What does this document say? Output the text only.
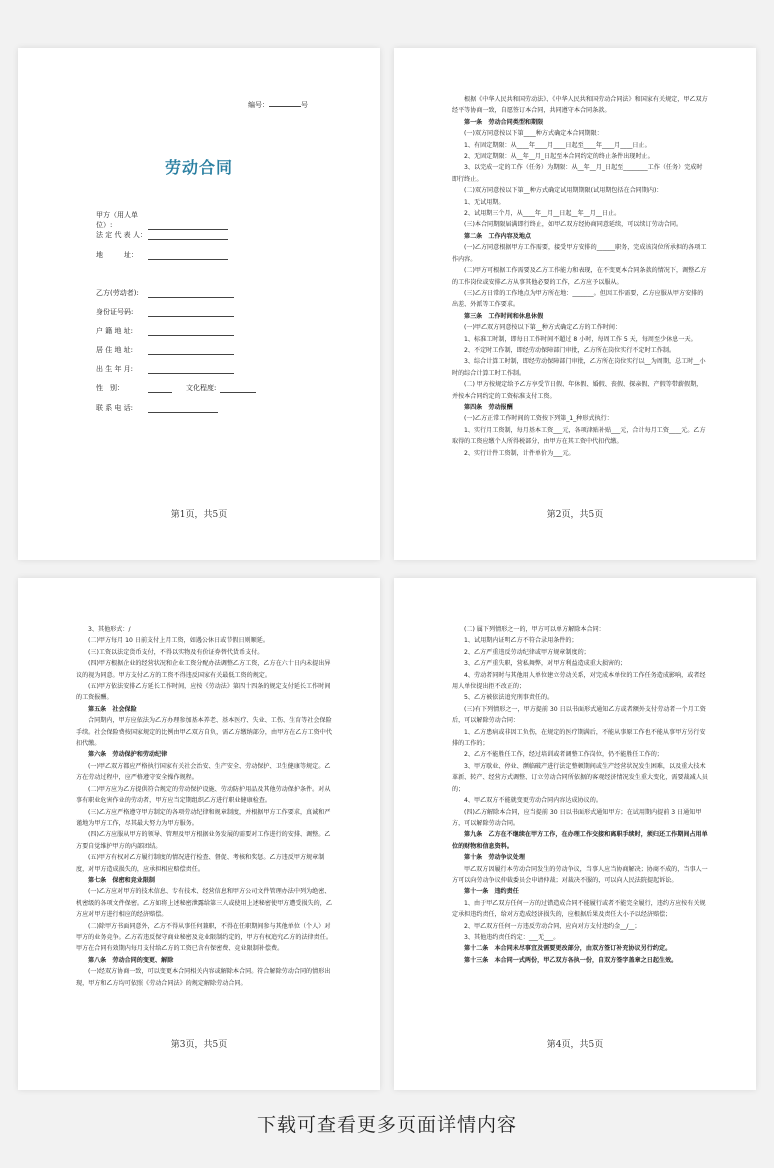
编号：	号
劳动合同
甲方（用人单位）:
法 定 代 表 人：
地　　　址：
乙方(劳动者):
身份证号码:
户 籍 地 址:
居 住 地 址:
出 生 年 月:
性　别：	文化程度:
联 系 电 话:
第1页，共5页

根据《中华人民共和国劳动法》、《中华人民共和国劳动合同法》和国家有关规定，甲乙双方经平等协商一致，自愿签订本合同，共同遵守本合同条款。

第一条　劳动合同类型和期限

(一)双方同意按以下第____种方式确定本合同期限：

1、有固定期限：从____年____月____日起至____年____月____日止。

2、无固定期限：从__年__月_日起至本合同约定的终止条件出现时止。

3、以完成一定的工作（任务）为期限：从__年__月_日起至________工作（任务）完成时即行终止。

(二)双方同意按以下第__种方式确定试用期期限(试用期包括在合同期内)：

1、无试用期。

2、试用期三个月，从____年__月__日起__年__月__日止。

(三)本合同期限届满即行终止，如甲乙双方经协商同意延续，可以续订劳动合同。

第二条　工作内容及地点

(一)乙方同意根据甲方工作需要，接受甲方安排的______职务，完成该岗位所承担的各项工作内容。

(二)甲方可根据工作需要及乙方工作能力和表现，在不变更本合同条款的情况下，调整乙方的工作岗位或安排乙方从事其他必要的工作，乙方应予以服从。

(三)乙方日常的工作地点为甲方所在地：_______。但因工作需要，乙方应服从甲方安排的出差、外派等工作要求。

第三条　工作时间和休息休假

(一)甲乙双方同意按以下第__种方式确定乙方的工作时间：

1、标准工时制，即每日工作时间不超过 8 小时，每周工作 5 天，每周至少休息一天。

2、不定时工作制，即经劳动保障部门审批，乙方所在岗位实行不定时工作制。

3、综合计算工时制，即经劳动保障部门审批，乙方所在岗位实行以__为周期，总工时__小时的综合计算工时工作制。

(二) 甲方按规定给予乙方享受节日假、年休假、婚假、丧假、探亲假、产假等带薪假期，并按本合同约定的工资标准支付工资。

第四条　劳动报酬

(一)乙方正常工作时间的工资按下列第_1_种形式执行：

1、实行月工资制，每月基本工资___元，各项津贴补贴___元，合计每月工资____元。乙方取得的工资应缴个人所得税部分，由甲方在其工资中代扣代缴。

2、实行计件工资制，计件单价为___元。

第2页，共5页

3、其他形式：/

(二)甲方每月 10 日前支付上月工资，如遇公休日或节假日则顺延。

(三)工资以法定货币支付，不得以实物及有价证券替代货币支付。

(四)甲方根据企业的经营状况和企业工资分配办法调整乙方工资，乙方在六十日内未提出异议的视为同意。甲方支付乙方的工资不得违反国家有关最低工资的规定。

(五)甲方依法安排乙方延长工作时间，应按《劳动法》第四十四条的规定支付延长工作时间的工资报酬。

第五条　社会保险

合同期内，甲方应依法为乙方办理参加基本养老、基本医疗、失业、工伤、生育等社会保险手续。社会保险费按国家规定的比例由甲乙双方自负，需乙方缴纳部分，由甲方在乙方工资中代扣代缴。

第六条　劳动保护和劳动纪律

(一)甲乙双方都应严格执行国家有关社会治安、生产安全、劳动保护、卫生健康等规定。乙方在劳动过程中，应严格遵守安全操作规程。

(二)甲方应为乙方提供符合规定的劳动保护设施、劳动防护用品及其他劳动保护条件。对从事有职业危害作业的劳动者，甲方应当定期组织乙方进行职业健康检查。

(三)乙方应严格遵守甲方制定的各项劳动纪律和规章制度，并根据甲方工作要求，真诚和严谨地为甲方工作，尽其最大努力为甲方服务。

(四)乙方应服从甲方的领导、管理及甲方根据业务发展的需要对工作进行的安排、调整。乙方要自觉维护甲方的内部团结。

(五)甲方有权对乙方履行制度的情况进行检查、督促、考核和奖惩。乙方违反甲方规章制度，对甲方造成损失的，应承担相应赔偿责任。

第七条　保密和竞业限制

(一)乙方应对甲方的技术信息、专有技术、经营信息和甲方公司文件管理办法中列为绝密、机密级的各项文件保密。乙方如将上述秘密泄露给第三人或使用上述秘密使甲方遭受损失的，乙方应对甲方进行相应的经济赔偿。

(二)除甲方书面同意外，乙方不得从事任何兼职，不得在任职期间参与其他单位（个人）对甲方的业务竞争。乙方若违反保守商业秘密及竞业限制约定的，甲方有权追究乙方的法律责任。甲方在合同有效期内每月支付给乙方的工资已含有保密费、竞业限制补偿费。

第八条　劳动合同的变更、解除

(一)经双方协商一致，可以变更本合同相关内容或解除本合同。符合解除劳动合同的情形出现，甲方和乙方均可依照《劳动合同法》的规定解除劳动合同。

第3页，共5页

(二) 属下列情形之一的，甲方可以单方解除本合同：

1、试用期内证明乙方不符合录用条件的；

2、乙方严重违反劳动纪律或甲方规章制度的；

3、乙方严重失职，营私舞弊，对甲方利益造成重大损害的；

4、劳动者同时与其他用人单位建立劳动关系，对完成本单位的工作任务造成影响，或者经用人单位提出拒不改正的；

5、乙方被依法追究刑事责任的。

(三)有下列情形之一，甲方提前 30 日以书面形式通知乙方或者额外支付劳动者一个月工资后，可以解除劳动合同：

1、乙方患病或非因工负伤，在规定的医疗期满后，不能从事原工作也不能从事甲方另行安排的工作的；

2、乙方不能胜任工作，经过培训或者调整工作岗位，仍不能胜任工作的；

3、甲方歇业、停业、濒临破产进行法定整顿期间或生产经营状况发生困难，以及重大技术革新、转产、经营方式调整、订立劳动合同所依据的客观经济情况发生重大变化，需要裁减人员的；

4、甲乙双方不能就变更劳动合同内容达成协议的。

(四)乙方解除本合同，应当提前 30 日以书面形式通知甲方；在试用期内提前 3 日通知甲方，可以解除劳动合同。

第九条　乙方在不继续在甲方工作，在办理工作交接和离职手续时，须归还工作期间占用单位的财物和信息资料。

第十条　劳动争议处理

甲乙双方因履行本劳动合同发生的劳动争议，当事人应当协商解决；协商不成的，当事人一方可以向劳动争议仲裁委员会申请仲裁；对裁决不服的，可以向人民法院提起诉讼。

第十一条　违约责任

1、由于甲乙双方任何一方的过错造成合同不能履行或者不能完全履行，违约方应按有关规定承担违约责任，给对方造成经济损失的，应根据后果及责任大小予以经济赔偿；

2、甲乙双方任何一方违反劳动合同，应向对方支付违约金__/__；

3、其他违约责任约定：___无___。

第十二条　本合同未尽事宜及需要更改部分，由双方签订补充协议另行约定。

第十三条　本合同一式两份，甲乙双方各执一份，自双方签字盖章之日起生效。

第4页，共5页
下载可查看更多页面详情内容
